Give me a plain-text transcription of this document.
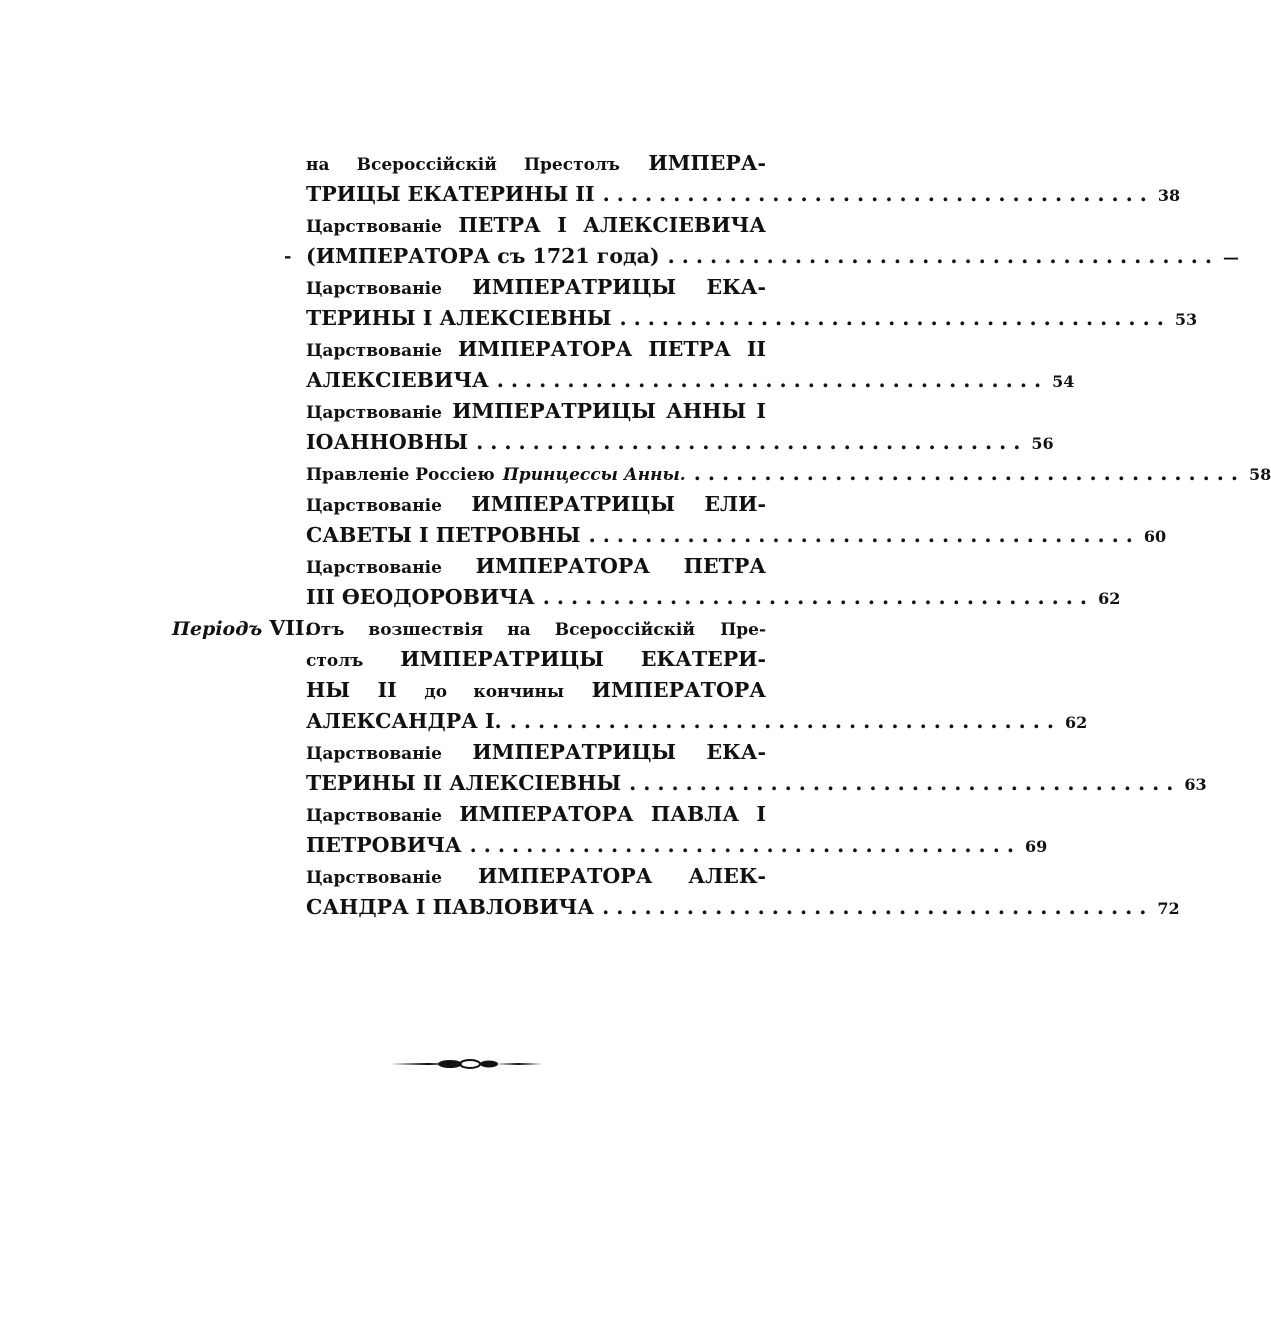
на Всероссійскій Престолъ ИМПЕРА-
ТРИЦЫ ЕКАТЕРИНЫ II ....................................... 38
Царствованіе ПЕТРА I АЛЕКСІЕВИЧА
- (ИМПЕРАТОРА съ 1721 года) ....................................... —
Царствованіе ИМПЕРАТРИЦЫ ЕКА-
ТЕРИНЫ I АЛЕКСІЕВНЫ ....................................... 53
Царствованіе ИМПЕРАТОРА ПЕТРА II
АЛЕКСІЕВИЧА ....................................... 54
Царствованіе ИМПЕРАТРИЦЫ АННЫ I
ІОАННОВНЫ ....................................... 56
Правленіе Россіею Принцессы Анны. ....................................... 58
Царствованіе ИМПЕРАТРИЦЫ ЕЛИ-
САВЕТЫ I ПЕТРОВНЫ ....................................... 60
Царствованіе ИМПЕРАТОРА ПЕТРА
III ӨЕОДОРОВИЧА ....................................... 62
Періодъ VII.
Отъ возшествія на Всероссійскій Пре-
столъ ИМПЕРАТРИЦЫ ЕКАТЕРИ-
НЫ II до кончины ИМПЕРАТОРА
АЛЕКСАНДРА I. ....................................... 62
Царствованіе ИМПЕРАТРИЦЫ ЕКА-
ТЕРИНЫ II АЛЕКСІЕВНЫ ....................................... 63
Царствованіе ИМПЕРАТОРА ПАВЛА I
ПЕТРОВИЧА ....................................... 69
Царствованіе ИМПЕРАТОРА АЛЕК-
САНДРА I ПАВЛОВИЧА ....................................... 72
